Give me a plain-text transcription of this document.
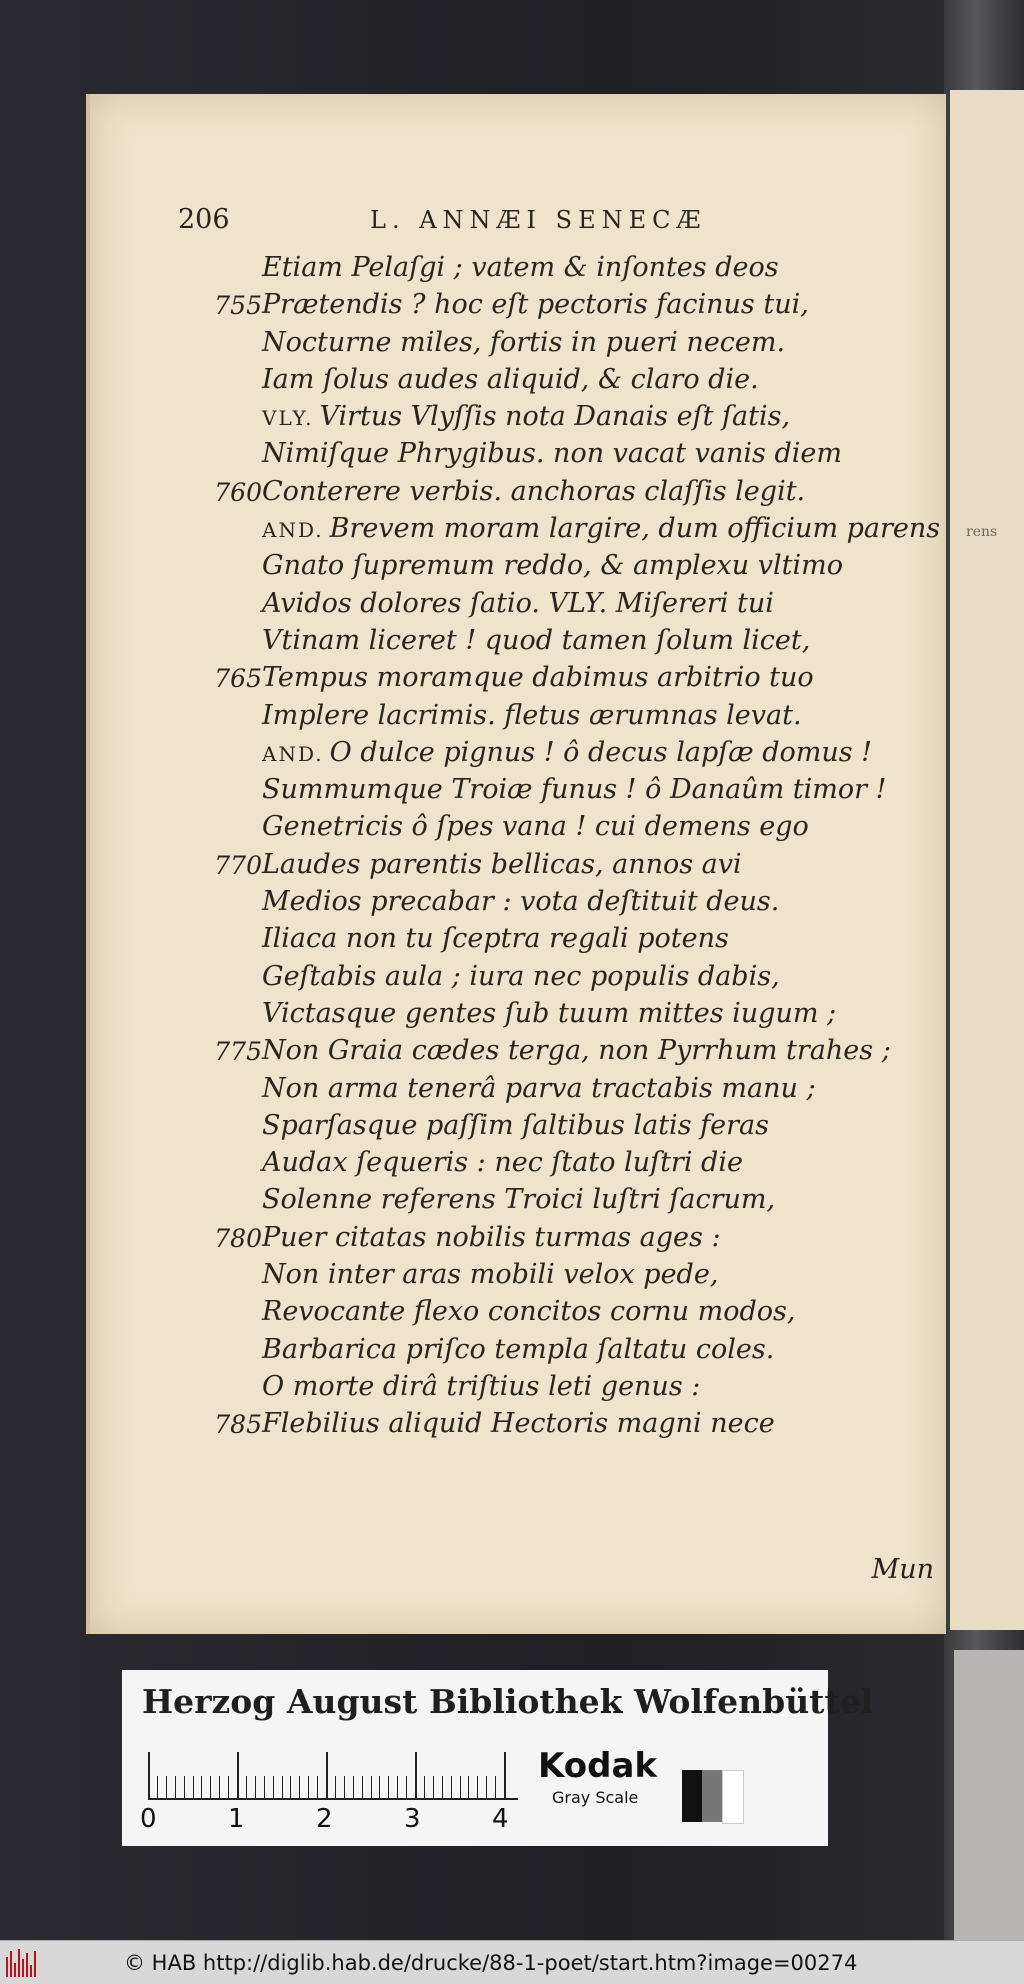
rens
206	L. ANNÆI SENECÆ
Etiam Pelaſgi ; vatem & inſontes deos
755 Prætendis ? hoc eſt pectoris facinus tui,
Nocturne miles, fortis in pueri necem.
Iam ſolus audes aliquid, & claro die.
VLY. Virtus Vlyſſis nota Danais eſt ſatis,
Nimiſque Phrygibus. non vacat vanis diem
760 Conterere verbis. anchoras claſſis legit.
AND. Brevem moram largire, dum officium parens
Gnato ſupremum reddo, & amplexu vltimo
Avidos dolores ſatio. VLY. Miſereri tui
Vtinam liceret ! quod tamen ſolum licet,
765 Tempus moramque dabimus arbitrio tuo
Implere lacrimis. fletus ærumnas levat.
AND. O dulce pignus ! ô decus lapſæ domus !
Summumque Troiæ funus ! ô Danaûm timor !
Genetricis ô ſpes vana ! cui demens ego
770 Laudes parentis bellicas, annos avi
Medios precabar : vota deſtituit deus.
Iliaca non tu ſceptra regali potens
Geſtabis aula ; iura nec populis dabis,
Victasque gentes ſub tuum mittes iugum ;
775 Non Graia cædes terga, non Pyrrhum trahes ;
Non arma tenerâ parva tractabis manu ;
Sparſasque paſſim ſaltibus latis feras
Audax ſequeris : nec ſtato luſtri die
Solenne referens Troici luſtri ſacrum,
780 Puer citatas nobilis turmas ages :
Non inter aras mobili velox pede,
Revocante flexo concitos cornu modos,
Barbarica priſco templa ſaltatu coles.
O morte dirâ triſtius leti genus :
785 Flebilius aliquid Hectoris magni nece
Mun
Herzog August Bibliothek Wolfenbüttel
0	1	2	3	4
Kodak
Gray Scale
© HAB http://diglib.hab.de/drucke/88-1-poet/start.htm?image=00274
